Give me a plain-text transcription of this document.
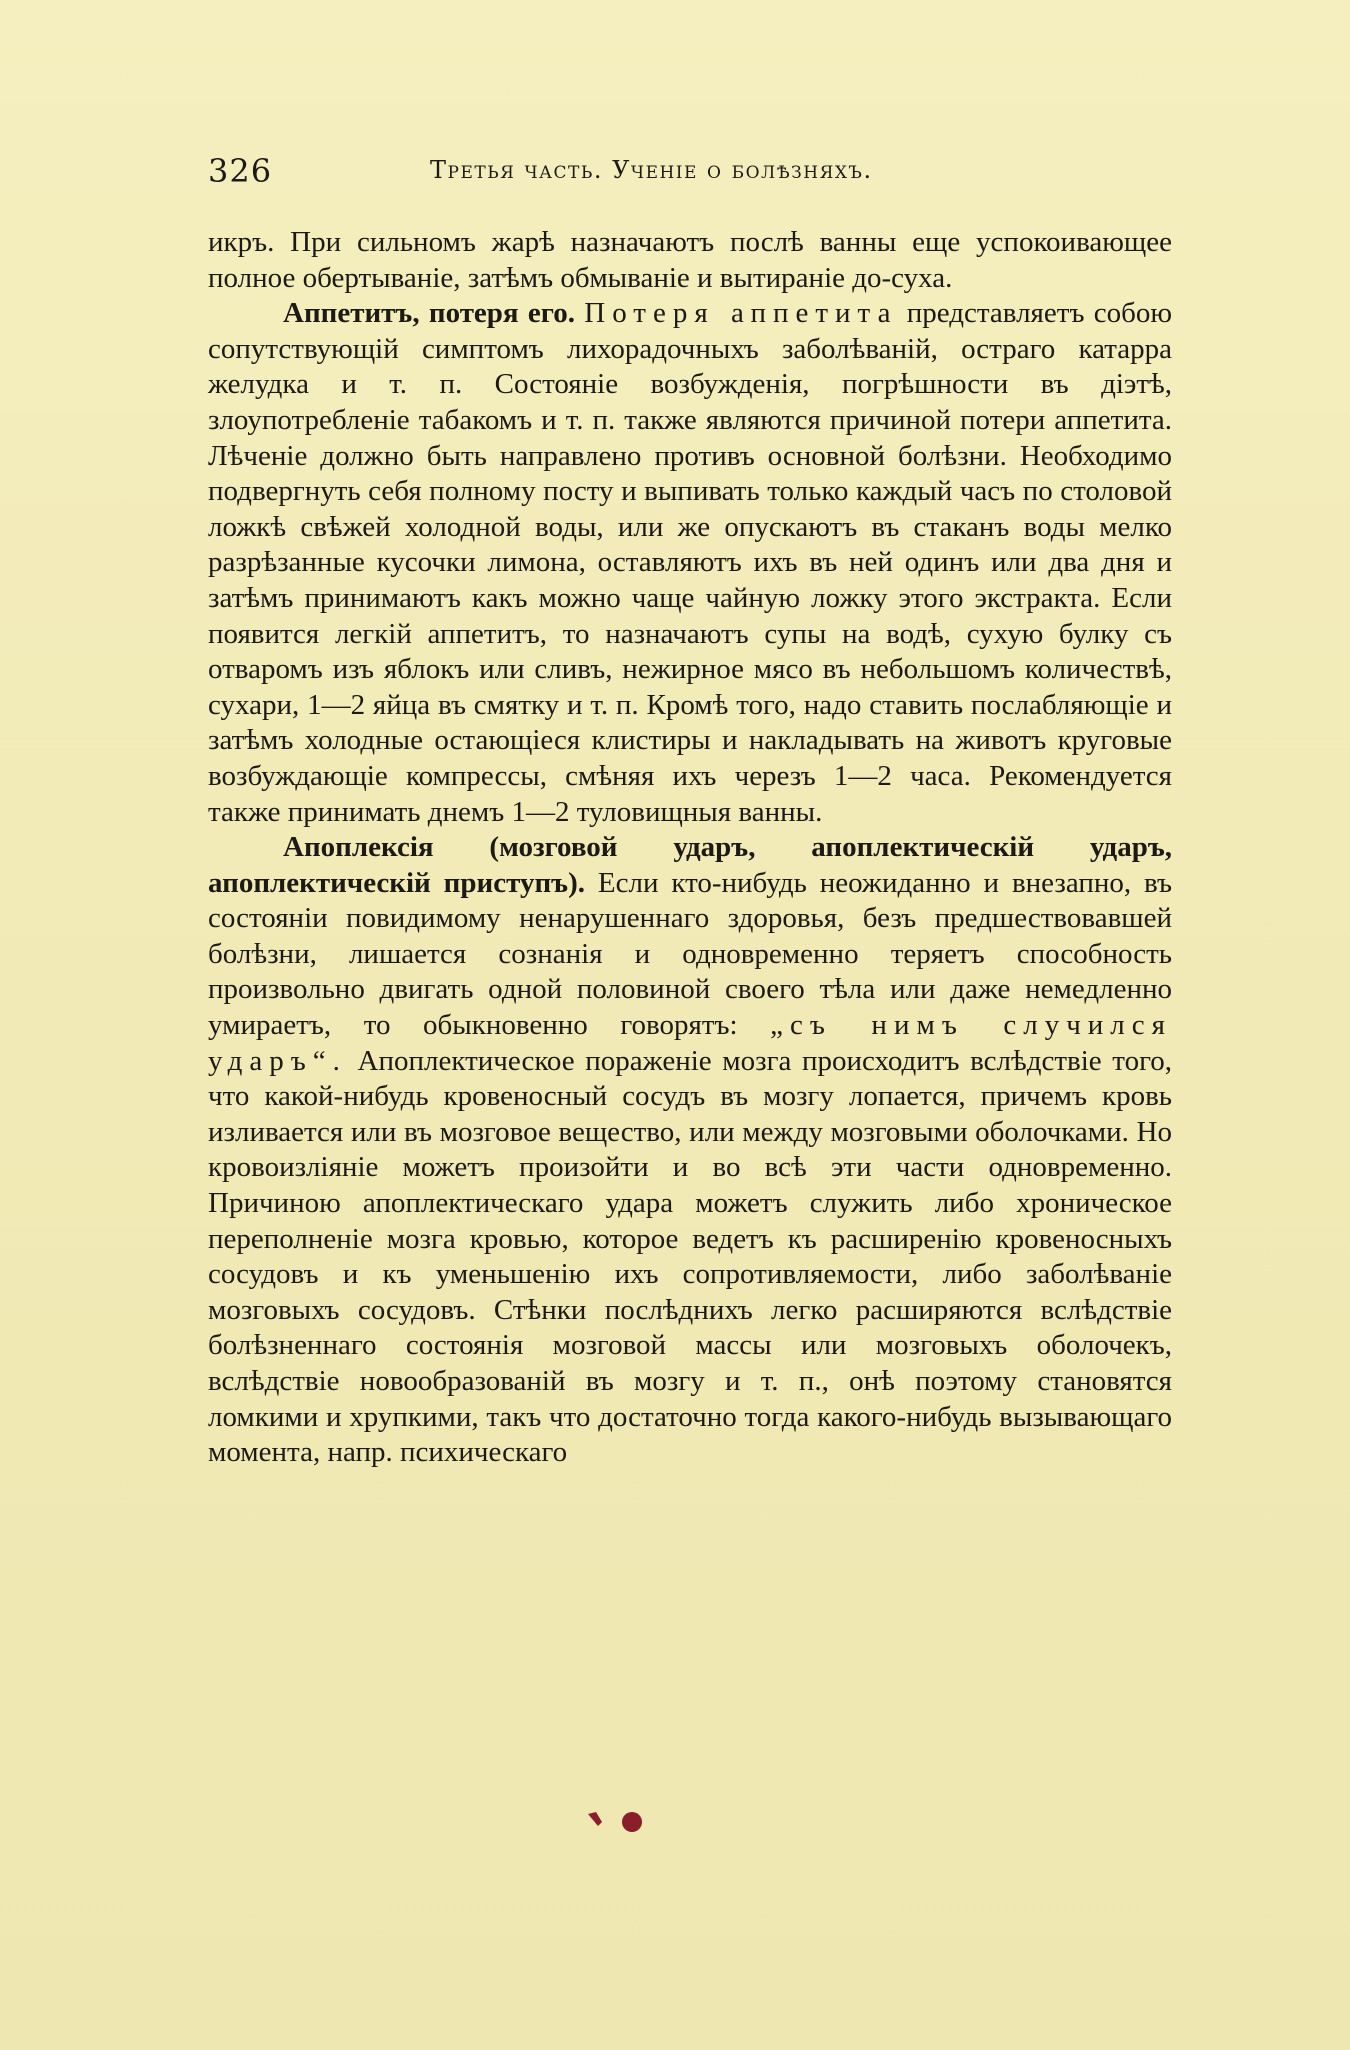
326	Третья часть. Ученіе о болѣзняхъ.

икръ. При сильномъ жарѣ назначаютъ послѣ ванны еще успокоивающее полное обертываніе, затѣмъ обмываніе и вытираніе до-суха.

Аппетитъ, потеря его. Потеря аппетита представляетъ собою сопутствующій симптомъ лихорадочныхъ заболѣваній, остраго катарра желудка и т. п. Состояніе возбужденія, погрѣшности въ діэтѣ, злоупотребленіе табакомъ и т. п. также являются причиной потери аппетита. Лѣченіе должно быть направлено противъ основной болѣзни. Необходимо подвергнуть себя полному посту и выпивать только каждый часъ по столовой ложкѣ свѣжей холодной воды, или же опускаютъ въ стаканъ воды мелко разрѣзанные кусочки лимона, оставляютъ ихъ въ ней одинъ или два дня и затѣмъ принимаютъ какъ можно чаще чайную ложку этого экстракта. Если появится легкій аппетитъ, то назначаютъ супы на водѣ, сухую булку съ отваромъ изъ яблокъ или сливъ, нежирное мясо въ небольшомъ количествѣ, сухари, 1—2 яйца въ смятку и т. п. Кромѣ того, надо ставить послабляющіе и затѣмъ холодные остающіеся клистиры и накладывать на животъ круговые возбуждающіе компрессы, смѣняя ихъ черезъ 1—2 часа. Рекомендуется также принимать днемъ 1—2 туловищныя ванны.

Апоплексія (мозговой ударъ, апоплектическій ударъ, апоплектическій приступъ). Если кто-нибудь неожиданно и внезапно, въ состояніи повидимому ненарушеннаго здоровья, безъ предшествовавшей болѣзни, лишается сознанія и одновременно теряетъ способность произвольно двигать одной половиной своего тѣла или даже немедленно умираетъ, то обыкновенно говорятъ: „съ нимъ случился ударъ“. Апоплектическое пораженіе мозга происходитъ вслѣдствіе того, что какой-нибудь кровеносный сосудъ въ мозгу лопается, причемъ кровь изливается или въ мозговое вещество, или между мозговыми оболочками. Но кровоизліяніе можетъ произойти и во всѣ эти части одновременно. Причиною апоплектическаго удара можетъ служить либо хроническое переполненіе мозга кровью, которое ведетъ къ расширенію кровеносныхъ сосудовъ и къ уменьшенію ихъ сопротивляемости, либо заболѣваніе мозговыхъ сосудовъ. Стѣнки послѣднихъ легко расширяются вслѣдствіе болѣзненнаго состоянія мозговой массы или мозговыхъ оболочекъ, вслѣдствіе новообразованій въ мозгу и т. п., онѣ поэтому становятся ломкими и хрупкими, такъ что достаточно тогда какого-нибудь вызывающаго момента, напр. психическаго
